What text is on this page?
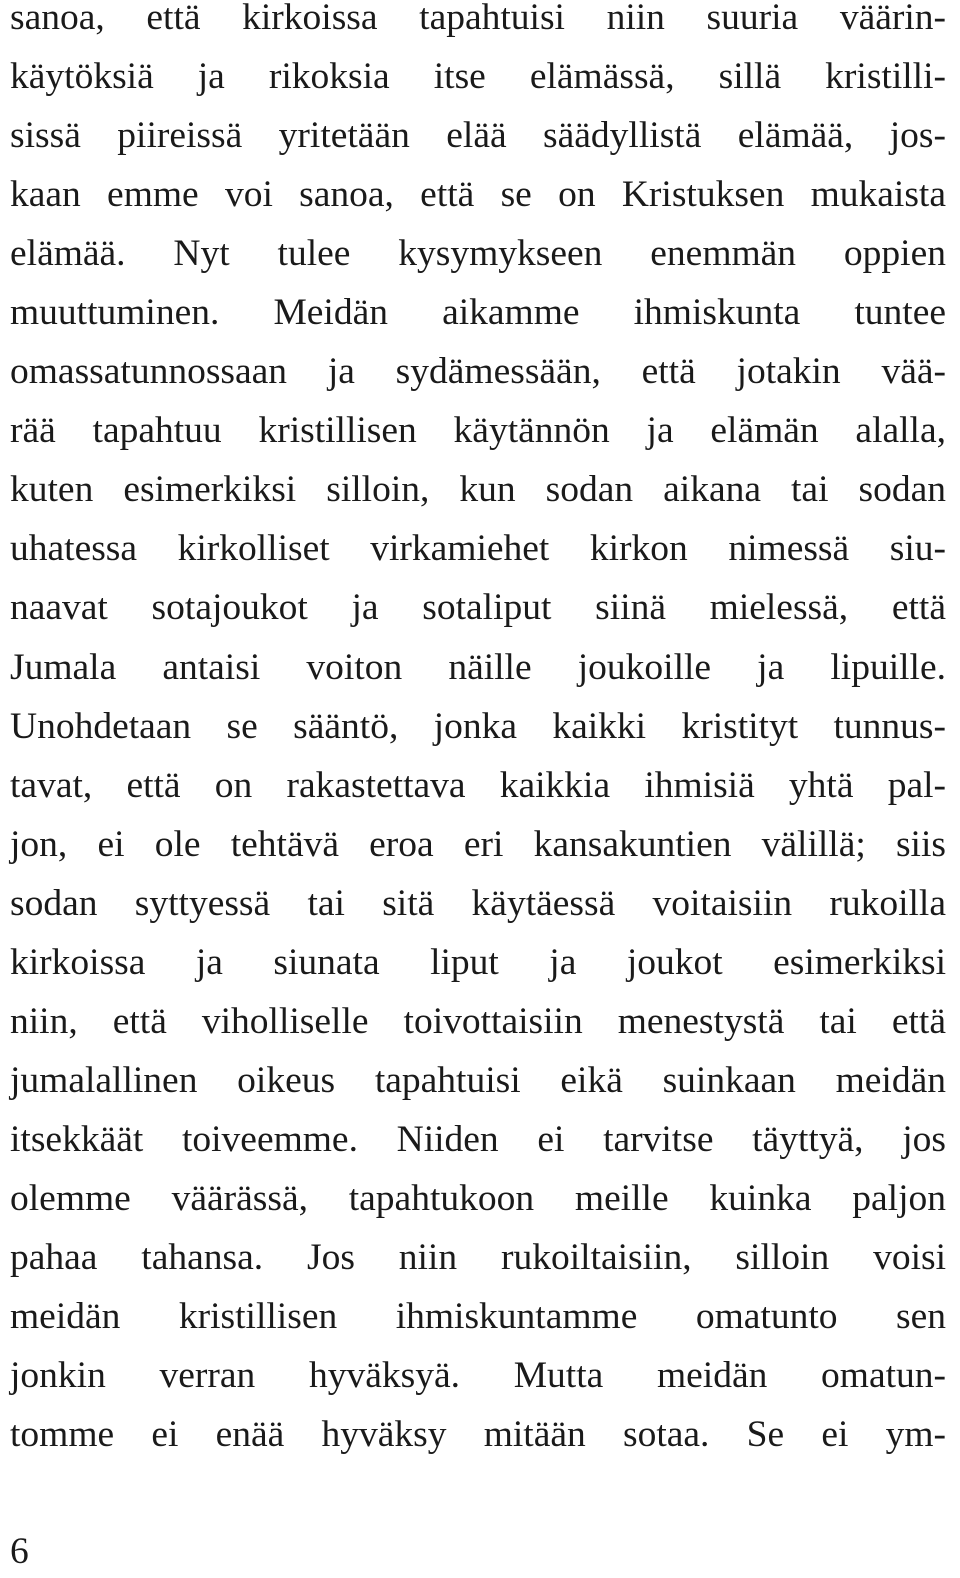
sanoa, että kirkoissa tapahtuisi niin suuria väärin-
käytöksiä ja rikoksia itse elämässä, sillä kristilli-
sissä piireissä yritetään elää säädyllistä elämää, jos-
kaan emme voi sanoa, että se on Kristuksen mukaista
elämää. Nyt tulee kysymykseen enemmän oppien
muuttuminen. Meidän aikamme ihmiskunta tuntee
omassatunnossaan ja sydämessään, että jotakin vää-
rää tapahtuu kristillisen käytännön ja elämän alalla,
kuten esimerkiksi silloin, kun sodan aikana tai sodan
uhatessa kirkolliset virkamiehet kirkon nimessä siu-
naavat sotajoukot ja sotaliput siinä mielessä, että
Jumala antaisi voiton näille joukoille ja lipuille.
Unohdetaan se sääntö, jonka kaikki kristityt tunnus-
tavat, että on rakastettava kaikkia ihmisiä yhtä pal-
jon, ei ole tehtävä eroa eri kansakuntien välillä; siis
sodan syttyessä tai sitä käytäessä voitaisiin rukoilla
kirkoissa ja siunata liput ja joukot esimerkiksi
niin, että viholliselle toivottaisiin menestystä tai että
jumalallinen oikeus tapahtuisi eikä suinkaan meidän
itsekkäät toiveemme. Niiden ei tarvitse täyttyä, jos
olemme väärässä, tapahtukoon meille kuinka paljon
pahaa tahansa. Jos niin rukoiltaisiin, silloin voisi
meidän kristillisen ihmiskuntamme omatunto sen
jonkin verran hyväksyä. Mutta meidän omatun-
tomme ei enää hyväksy mitään sotaa. Se ei ym-
6
